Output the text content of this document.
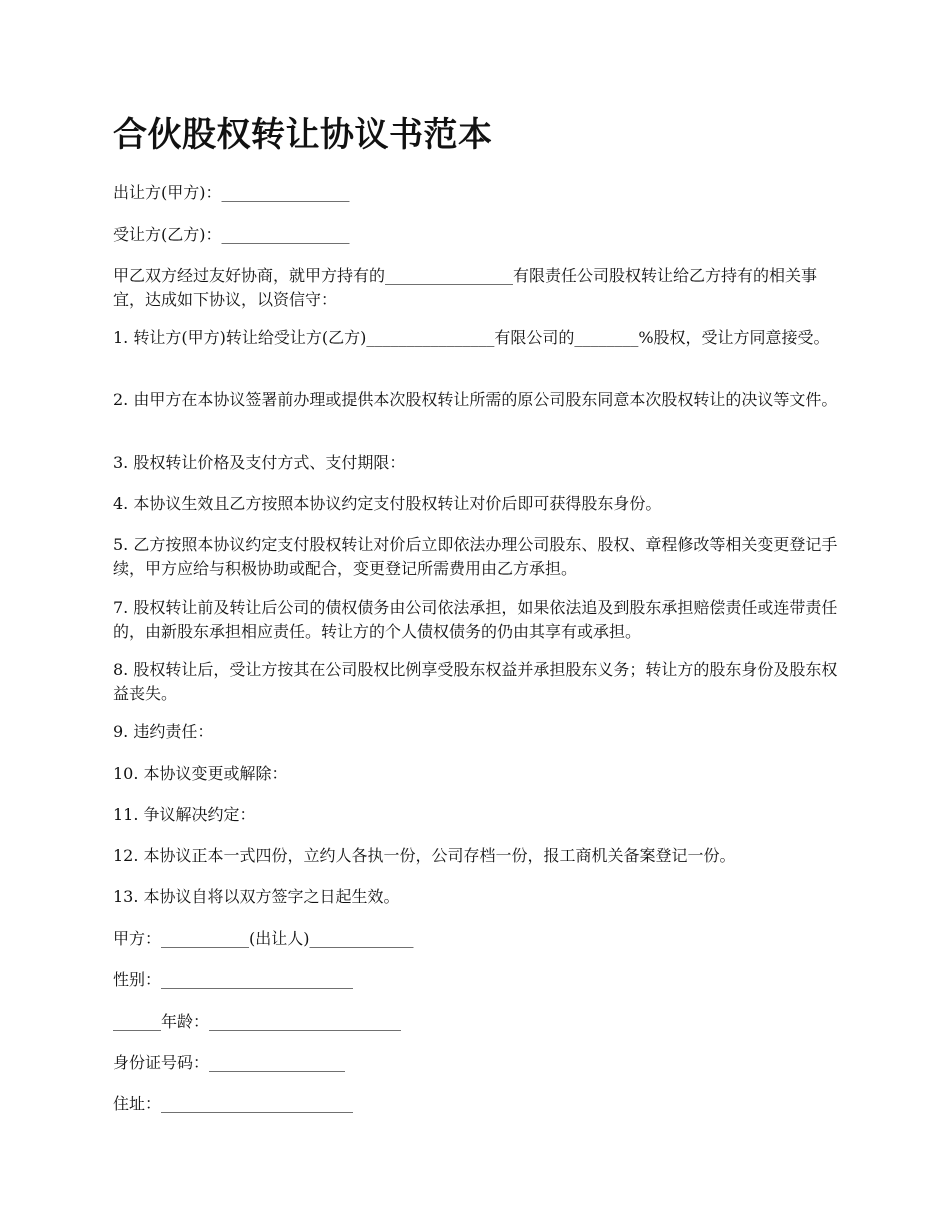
合伙股权转让协议书范本

出让方(甲方)：________________

受让方(乙方)：________________

甲乙双方经过友好协商，就甲方持有的________________有限责任公司股权转让给乙方持有的相关事宜，达成如下协议，以资信守：

1. 转让方(甲方)转让给受让方(乙方)________________有限公司的________%股权，受让方同意接受。

2. 由甲方在本协议签署前办理或提供本次股权转让所需的原公司股东同意本次股权转让的决议等文件。

3. 股权转让价格及支付方式、支付期限：

4. 本协议生效且乙方按照本协议约定支付股权转让对价后即可获得股东身份。

5. 乙方按照本协议约定支付股权转让对价后立即依法办理公司股东、股权、章程修改等相关变更登记手续，甲方应给与积极协助或配合，变更登记所需费用由乙方承担。

7. 股权转让前及转让后公司的债权债务由公司依法承担，如果依法追及到股东承担赔偿责任或连带责任的，由新股东承担相应责任。转让方的个人债权债务的仍由其享有或承担。

8. 股权转让后，受让方按其在公司股权比例享受股东权益并承担股东义务；转让方的股东身份及股东权益丧失。

9. 违约责任：

10. 本协议变更或解除：

11. 争议解决约定：

12. 本协议正本一式四份，立约人各执一份，公司存档一份，报工商机关备案登记一份。

13. 本协议自将以双方签字之日起生效。

甲方：___________(出让人)_____________

性别：________________________

______年龄：________________________

身份证号码：_________________

住址：________________________
